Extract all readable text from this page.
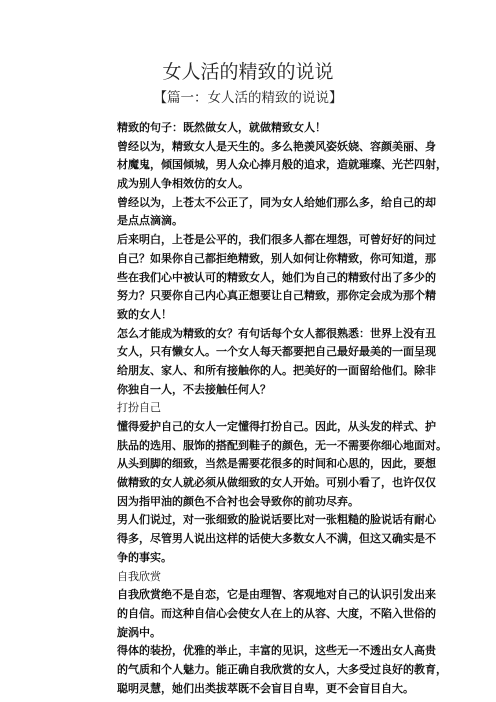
女人活的精致的说说
【篇一：女人活的精致的说说】
精致的句子：既然做女人，就做精致女人！
曾经以为，精致女人是天生的。多么艳羡风姿妖娆、容颜美丽、身
材魔鬼，倾国倾城，男人众心捧月般的追求，造就璀璨、光芒四射，
成为别人争相效仿的女人。
曾经以为，上苍太不公正了，同为女人给她们那么多，给自己的却
是点点滴滴。
后来明白，上苍是公平的，我们很多人都在埋怨，可曾好好的问过
自己？如果你自己都拒绝精致，别人如何让你精致，你可知道，那
些在我们心中被认可的精致女人，她们为自己的精致付出了多少的
努力？只要你自己内心真正想要让自己精致，那你定会成为那个精
致的女人！
怎么才能成为精致的女？有句话每个女人都很熟悉：世界上没有丑
女人，只有懒女人。一个女人每天都要把自己最好最美的一面呈现
给朋友、家人、和所有接触你的人。把美好的一面留给他们。除非
你独自一人，不去接触任何人？
打扮自己
懂得爱护自己的女人一定懂得打扮自己。因此，从头发的样式、护
肤品的选用、服饰的搭配到鞋子的颜色，无一不需要你细心地面对。
从头到脚的细致，当然是需要花很多的时间和心思的，因此，要想
做精致的女人就必须从做细致的女人开始。可别小看了，也许仅仅
因为指甲油的颜色不合衬也会导致你的前功尽弃。
男人们说过，对一张细致的脸说话要比对一张粗糙的脸说话有耐心
得多，尽管男人说出这样的话使大多数女人不满，但这又确实是不
争的事实。
自我欣赏
自我欣赏绝不是自恋，它是由理智、客观地对自己的认识引发出来
的自信。而这种自信心会使女人在上的从容、大度，不陷入世俗的
旋涡中。
得体的装扮，优雅的举止，丰富的见识，这些无一不透出女人高贵
的气质和个人魅力。能正确自我欣赏的女人，大多受过良好的教育，
聪明灵慧，她们出类拔萃既不会盲目自卑，更不会盲目自大。
